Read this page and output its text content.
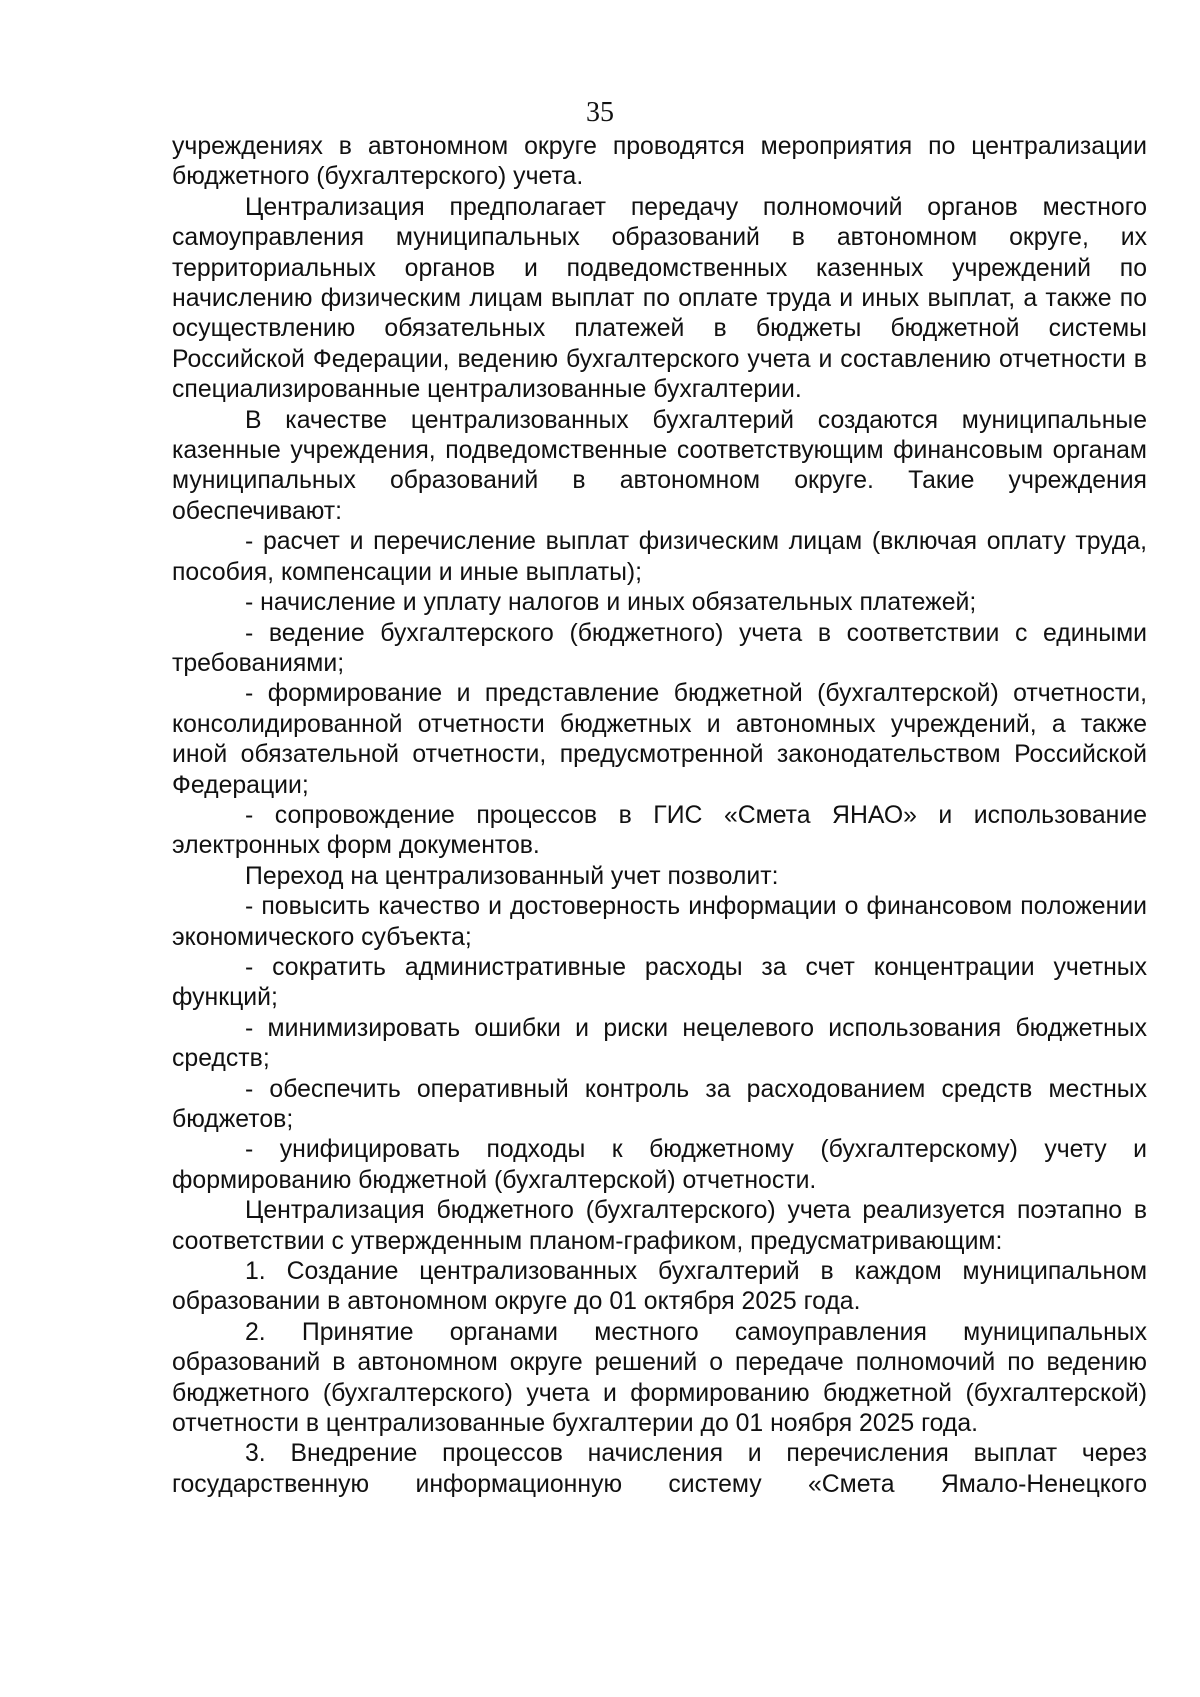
35

учреждениях в автономном округе проводятся мероприятия по централизации бюджетного (бухгалтерского) учета.

Централизация предполагает передачу полномочий органов местного самоуправления муниципальных образований в автономном округе, их территориальных органов и подведомственных казенных учреждений по начислению физическим лицам выплат по оплате труда и иных выплат, а также по осуществлению обязательных платежей в бюджеты бюджетной системы Российской Федерации, ведению бухгалтерского учета и составлению отчетности в специализированные централизованные бухгалтерии.

В качестве централизованных бухгалтерий создаются муниципальные казенные учреждения, подведомственные соответствующим финансовым органам муниципальных образований в автономном округе. Такие учреждения обеспечивают:

- расчет и перечисление выплат физическим лицам (включая оплату труда, пособия, компенсации и иные выплаты);

- начисление и уплату налогов и иных обязательных платежей;

- ведение бухгалтерского (бюджетного) учета в соответствии с едиными требованиями;

- формирование и представление бюджетной (бухгалтерской) отчетности, консолидированной отчетности бюджетных и автономных учреждений, а также иной обязательной отчетности, предусмотренной законодательством Российской Федерации;

- сопровождение процессов в ГИС «Смета ЯНАО» и использование электронных форм документов.

Переход на централизованный учет позволит:

- повысить качество и достоверность информации о финансовом положении экономического субъекта;

- сократить административные расходы за счет концентрации учетных функций;

- минимизировать ошибки и риски нецелевого использования бюджетных средств;

- обеспечить оперативный контроль за расходованием средств местных бюджетов;

- унифицировать подходы к бюджетному (бухгалтерскому) учету и формированию бюджетной (бухгалтерской) отчетности.

Централизация бюджетного (бухгалтерского) учета реализуется поэтапно в соответствии с утвержденным планом-графиком, предусматривающим:

1. Создание централизованных бухгалтерий в каждом муниципальном образовании в автономном округе до 01 октября 2025 года.

2. Принятие органами местного самоуправления муниципальных образований в автономном округе решений о передаче полномочий по ведению бюджетного (бухгалтерского) учета и формированию бюджетной (бухгалтерской) отчетности в централизованные бухгалтерии до 01 ноября 2025 года.

3. Внедрение процессов начисления и перечисления выплат через государственную информационную систему «Смета Ямало-Ненецкого
